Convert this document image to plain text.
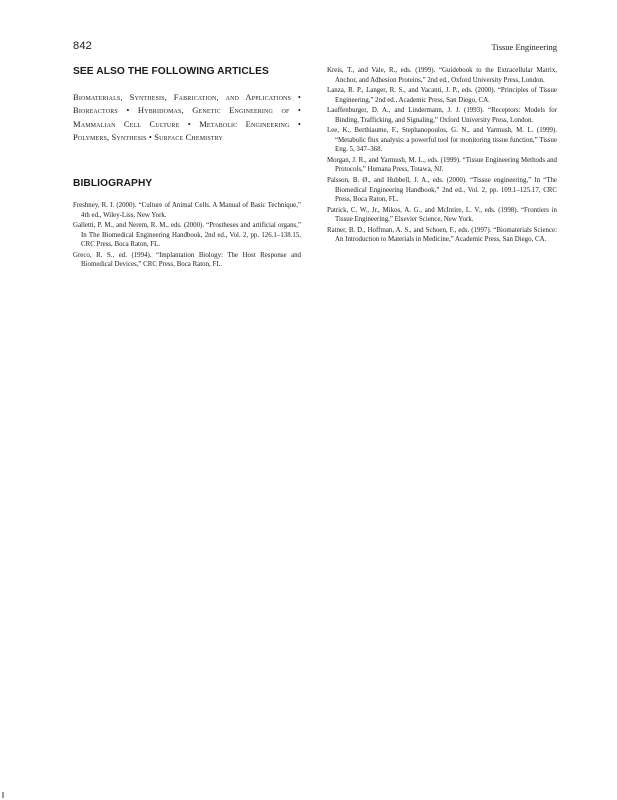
842	Tissue Engineering
SEE ALSO THE FOLLOWING ARTICLES

Biomaterials, Synthesis, Fabrication, and Applications • Bioreactors • Hybridomas, Genetic Engineering of • Mammalian Cell Culture • Metabolic Engineering • Polymers, Synthesis • Surface Chemistry

BIBLIOGRAPHY
Freshney, R. I. (2000). “Culture of Animal Cells. A Manual of Basic Technique,” 4th ed., Wiley-Liss, New York.
Galletti, P. M., and Nerem, R. M., eds. (2000). “Prostheses and artificial organs,” In The Biomedical Engineering Handbook, 2nd ed., Vol. 2, pp. 126.1–138.15, CRC Press, Boca Raton, FL.
Greco, R. S., ed. (1994). “Implantation Biology: The Host Response and Biomedical Devices,” CRC Press, Boca Raton, FL.
Kreis, T., and Vale, R., eds. (1999). “Guidebook to the Extracellular Matrix, Anchor, and Adhesion Proteins,” 2nd ed., Oxford University Press, London.
Lanza, R. P., Langer, R. S., and Vacanti, J. P., eds. (2000). “Principles of Tissue Engineering,” 2nd ed., Academic Press, San Diego, CA.
Lauffenburger, D. A., and Lindermann, J. J. (1993). “Receptors: Models for Binding, Trafficking, and Signaling,” Oxford University Press, London.
Lee, K., Berthiaume, F., Stephanopoulos, G. N., and Yarmush, M. L. (1999). “Metabolic flux analysis: a powerful tool for monitoring tissue function,” Tissue Eng. 5, 347–368.
Morgan, J. R., and Yarmush, M. L., eds. (1999). “Tissue Engineering Methods and Protocols,” Humana Press, Totawa, NJ.
Palsson, B. Ø., and Hubbell, J. A., eds. (2000). “Tissue engineering,” In “The Biomedical Engineering Handbook,” 2nd ed., Vol. 2, pp. 109.1–125.17, CRC Press, Boca Raton, FL.
Patrick, C. W., Jr., Mikos, A. G., and McIntire, L. V., eds. (1998). “Frontiers in Tissue Engineering,” Elsevier Science, New York.
Ratner, B. D., Hoffman, A. S., and Schoen, F., eds. (1997). “Biomaterials Science: An Introduction to Materials in Medicine,” Academic Press, San Diego, CA.
